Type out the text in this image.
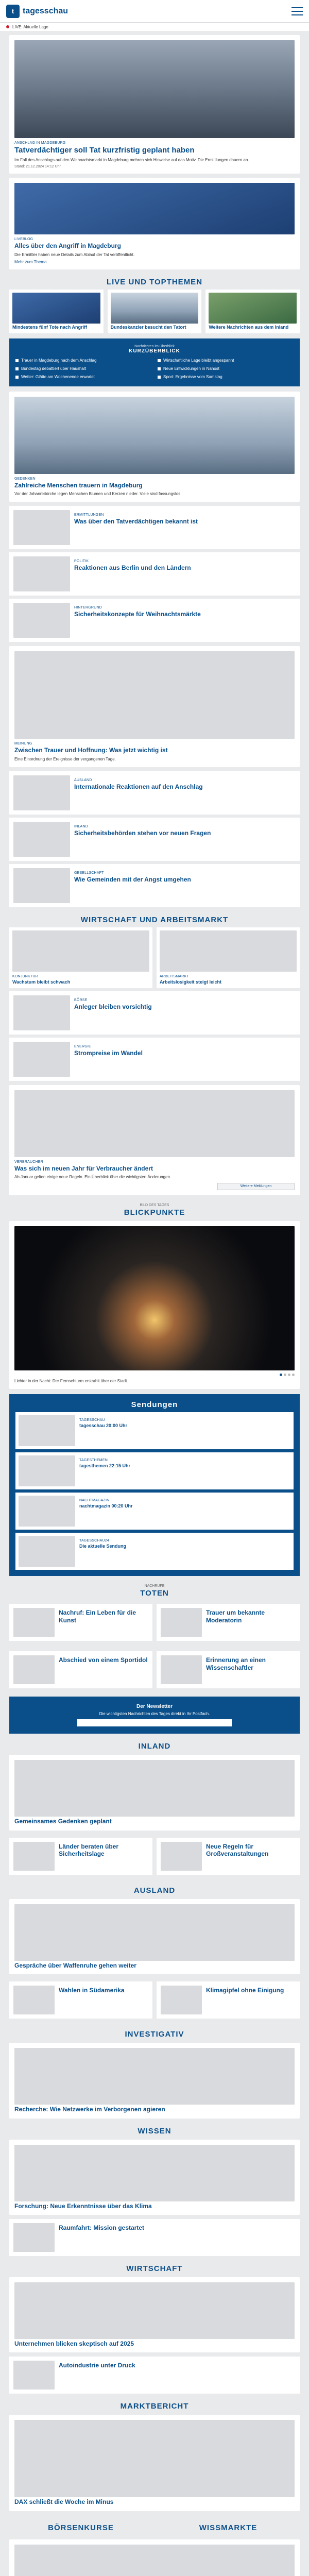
t tagesschau
LIVE: Aktuelle Lage
ANSCHLAG IN MAGDEBURG
Tatverdächtiger soll Tat kurzfristig geplant haben
Im Fall des Anschlags auf den Weihnachtsmarkt in Magdeburg mehren sich Hinweise auf das Motiv. Die Ermittlungen dauern an.
Stand: 21.12.2024 14:12 Uhr
LIVEBLOG
Alles über den Angriff in Magdeburg
Die Ermittler haben neue Details zum Ablauf der Tat veröffentlicht.
Mehr zum Thema
LIVE UND TOPTHEMEN
Mindestens fünf Tote nach Angriff	Bundeskanzler besucht den Tatort	Weitere Nachrichten aus dem Inland
Nachrichten im Überblick
KURZÜBERBLICK
Trauer in Magdeburg nach dem Anschlag	Wirtschaftliche Lage bleibt angespannt
Bundestag debattiert über Haushalt	Neue Entwicklungen in Nahost
Wetter: Glätte am Wochenende erwartet	Sport: Ergebnisse vom Samstag
GEDENKEN
Zahlreiche Menschen trauern in Magdeburg
Vor der Johanniskirche legen Menschen Blumen und Kerzen nieder. Viele sind fassungslos.
ERMITTLUNGEN
Was über den Tatverdächtigen bekannt ist
POLITIK
Reaktionen aus Berlin und den Ländern
HINTERGRUND
Sicherheitskonzepte für Weihnachtsmärkte
MEINUNG
Zwischen Trauer und Hoffnung: Was jetzt wichtig ist
Eine Einordnung der Ereignisse der vergangenen Tage.
AUSLAND
Internationale Reaktionen auf den Anschlag
INLAND
Sicherheitsbehörden stehen vor neuen Fragen
GESELLSCHAFT
Wie Gemeinden mit der Angst umgehen
WIRTSCHAFT UND ARBEITSMARKT
KONJUNKTUR
Wachstum bleibt schwach
ARBEITSMARKT
Arbeitslosigkeit steigt leicht
BÖRSE
Anleger bleiben vorsichtig
ENERGIE
Strompreise im Wandel
VERBRAUCHER
Was sich im neuen Jahr für Verbraucher ändert
Ab Januar gelten einige neue Regeln. Ein Überblick über die wichtigsten Änderungen.
Weitere Meldungen
BILD DES TAGES
BLICKPUNKTE
Lichter in der Nacht: Der Fernsehturm erstrahlt über der Stadt.
Sendungen
TAGESSCHAU
tagesschau 20:00 Uhr
TAGESTHEMEN
tagesthemen 22:15 Uhr
NACHTMAGAZIN
nachtmagazin 00:20 Uhr
TAGESSCHAU24
Die aktuelle Sendung
NACHRUFE
TOTEN
Nachruf: Ein Leben für die Kunst
Trauer um bekannte Moderatorin
Abschied von einem Sportidol	Erinnerung an einen Wissenschaftler
Der Newsletter
Die wichtigsten Nachrichten des Tages direkt in Ihr Postfach.
INLAND
Gemeinsames Gedenken geplant
Länder beraten über Sicherheitslage
Neue Regeln für Großveranstaltungen
AUSLAND
Gespräche über Waffenruhe gehen weiter
Wahlen in Südamerika	Klimagipfel ohne Einigung
INVESTIGATIV
Recherche: Wie Netzwerke im Verborgenen agieren
WISSEN
Forschung: Neue Erkenntnisse über das Klima
Raumfahrt: Mission gestartet
WIRTSCHAFT
Unternehmen blicken skeptisch auf 2025
Autoindustrie unter Druck
MARKTBERICHT
DAX schließt die Woche im Minus
BÖRSENKURSE	WISSMARKTE
